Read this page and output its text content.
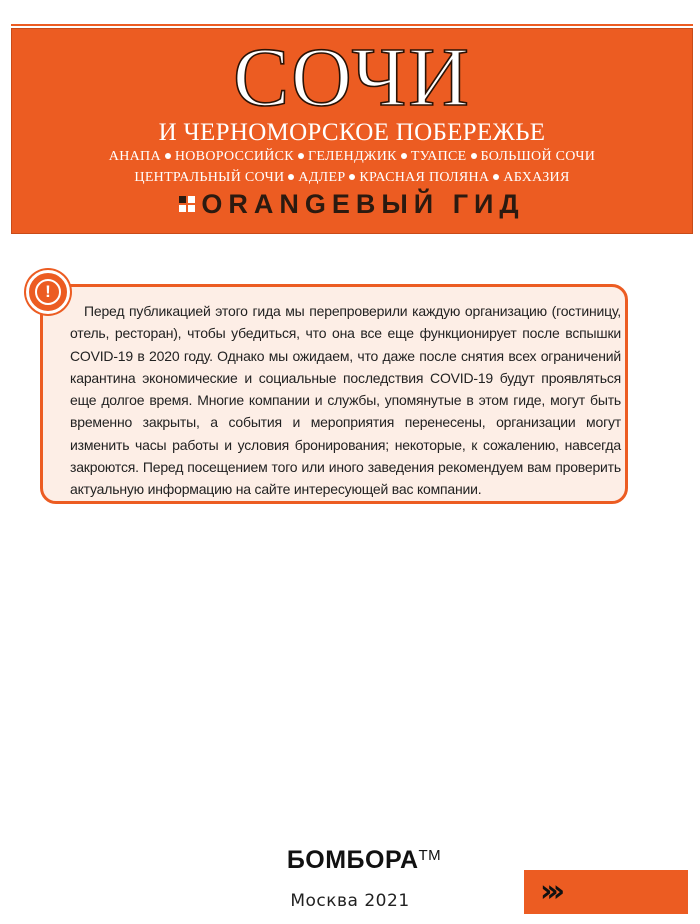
СОЧИ
И ЧЕРНОМОРСКОЕ ПОБЕРЕЖЬЕ
АНАПА НОВОРОССИЙСК ГЕЛЕНДЖИК ТУАПСЕ БОЛЬШОЙ СОЧИ
ЦЕНТРАЛЬНЫЙ СОЧИ АДЛЕР КРАСНАЯ ПОЛЯНА АБХАЗИЯ
ORANGEВЫЙ ГИД
!
Перед публикацией этого гида мы перепроверили каждую организацию (гостиницу, отель, ресторан), чтобы убедиться, что она все еще функционирует после вспышки COVID-19 в 2020 году. Однако мы ожидаем, что даже после снятия всех ограничений карантина экономические и социальные последствия COVID-19 будут проявляться еще долгое время. Многие компании и службы, упомянутые в этом гиде, могут быть временно закрыты, а события и мероприятия перенесены, организации могут изменить часы работы и условия бронирования; некоторые, к сожалению, навсегда закроются. Перед посещением того или иного заведения рекомендуем вам проверить актуальную информацию на сайте интересующей вас компании.
БОМБОРА™
Москва 2021	›››
